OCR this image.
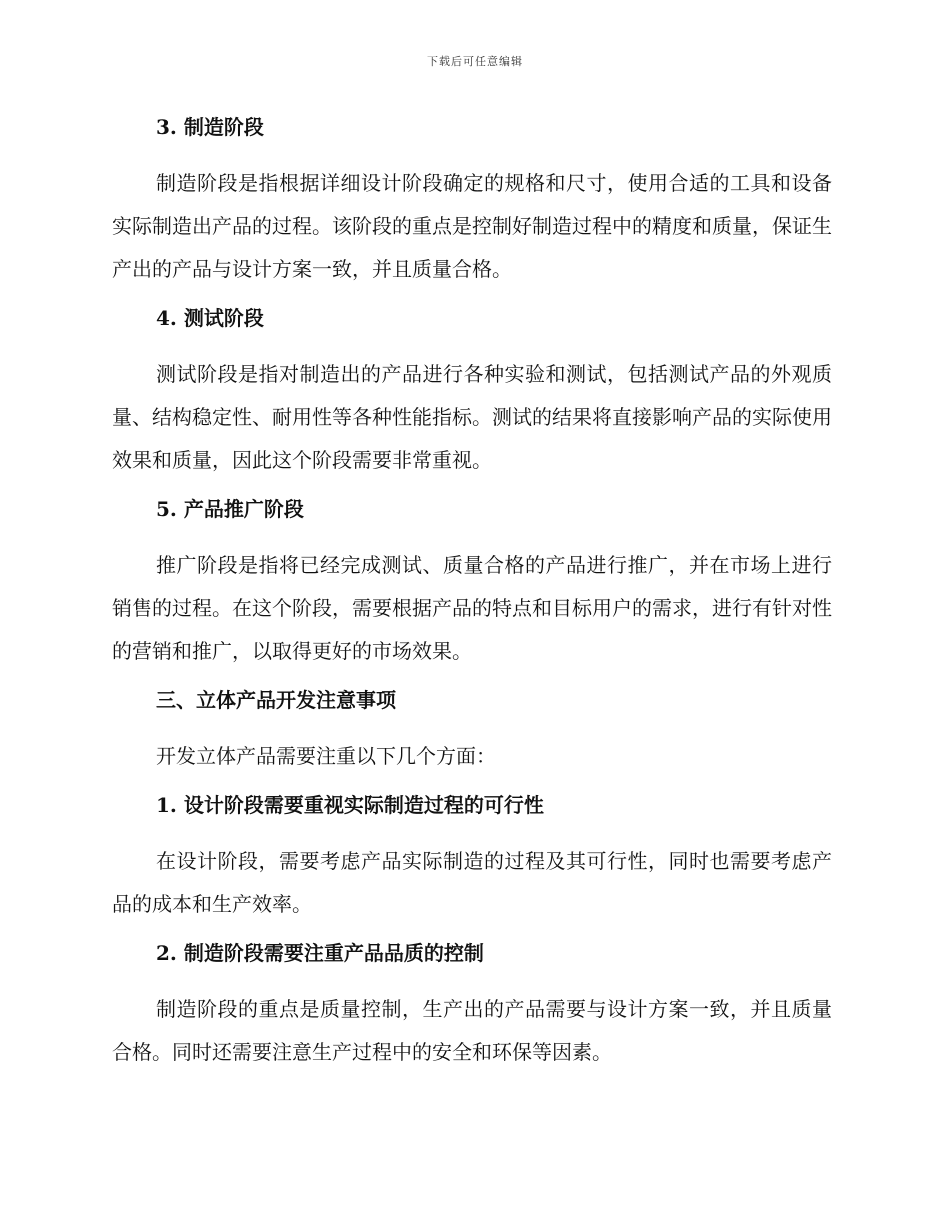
下载后可任意编辑
3. 制造阶段
制造阶段是指根据详细设计阶段确定的规格和尺寸，使用合适的工具和设备实际制造出产品的过程。该阶段的重点是控制好制造过程中的精度和质量，保证生产出的产品与设计方案一致，并且质量合格。
4. 测试阶段
测试阶段是指对制造出的产品进行各种实验和测试，包括测试产品的外观质量、结构稳定性、耐用性等各种性能指标。测试的结果将直接影响产品的实际使用效果和质量，因此这个阶段需要非常重视。
5. 产品推广阶段
推广阶段是指将已经完成测试、质量合格的产品进行推广，并在市场上进行销售的过程。在这个阶段，需要根据产品的特点和目标用户的需求，进行有针对性的营销和推广，以取得更好的市场效果。
三、立体产品开发注意事项
开发立体产品需要注重以下几个方面：
1. 设计阶段需要重视实际制造过程的可行性
在设计阶段，需要考虑产品实际制造的过程及其可行性，同时也需要考虑产品的成本和生产效率。
2. 制造阶段需要注重产品品质的控制
制造阶段的重点是质量控制，生产出的产品需要与设计方案一致，并且质量合格。同时还需要注意生产过程中的安全和环保等因素。
